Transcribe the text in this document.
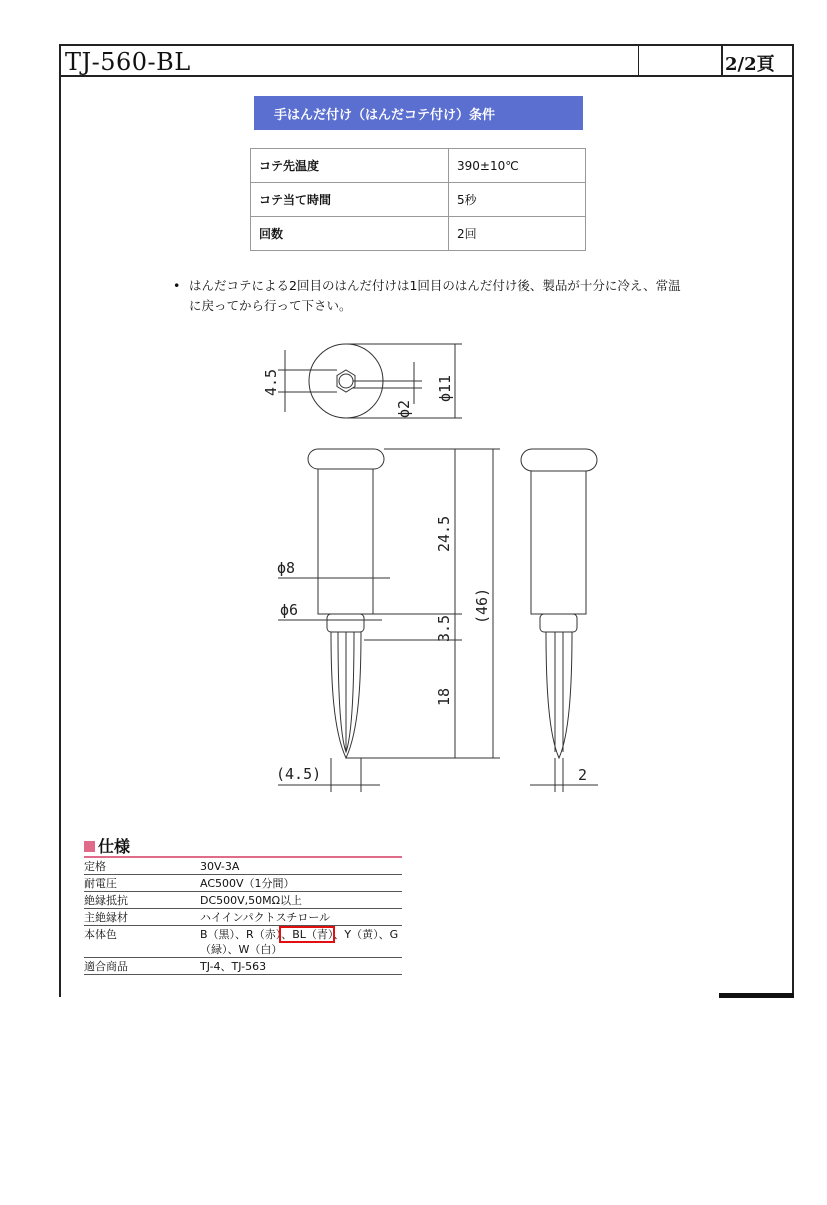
TJ-560-BL	2/2頁
手はんだ付け（はんだコテ付け）条件
コテ先温度	390±10℃
コテ当て時間	5秒
回数	2回
• はんだコテによる2回目のはんだ付けは1回目のはんだ付け後、製品が十分に冷え、常温に戻ってから行って下さい。
4.5
ϕ2
ϕ11
24.5
3.5
(46)
18
ϕ8
ϕ6
(4.5)	2
仕様
定格	30V-3A
耐電圧	AC500V（1分間）
絶縁抵抗	DC500V,50MΩ以上
主絶縁材	ハイインパクトスチロール
本体色	B（黒）、R（赤）、BL（青）、Y（黄）、G（緑）、W（白）
適合商品	TJ-4、TJ-563
